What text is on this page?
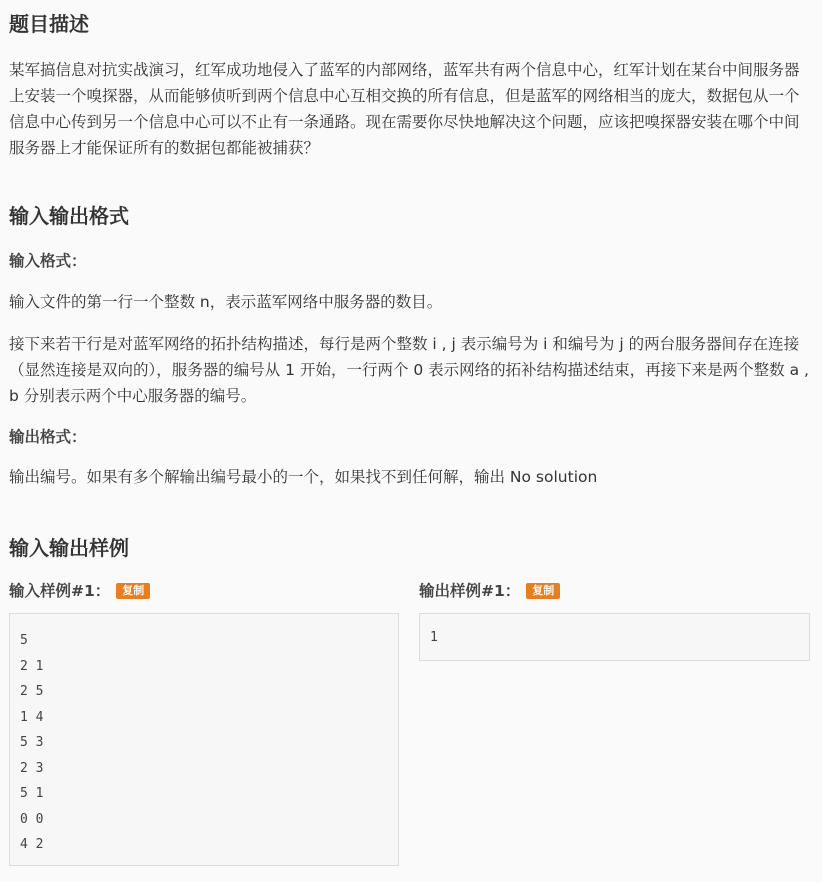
题目描述

某军搞信息对抗实战演习，红军成功地侵入了蓝军的内部网络，蓝军共有两个信息中心，红军计划在某台中间服务器上安装一个嗅探器，从而能够侦听到两个信息中心互相交换的所有信息，但是蓝军的网络相当的庞大，数据包从一个信息中心传到另一个信息中心可以不止有一条通路。现在需要你尽快地解决这个问题，应该把嗅探器安装在哪个中间服务器上才能保证所有的数据包都能被捕获？

输入输出格式
输入格式：

输入文件的第一行一个整数 n，表示蓝军网络中服务器的数目。

接下来若干行是对蓝军网络的拓扑结构描述，每行是两个整数 i , j 表示编号为 i 和编号为 j 的两台服务器间存在连接（显然连接是双向的），服务器的编号从 1 开始，一行两个 0 表示网络的拓补结构描述结束，再接下来是两个整数 a , b 分别表示两个中心服务器的编号。

输出格式：

输出编号。如果有多个解输出编号最小的一个，如果找不到任何解，输出 No solution

输入输出样例
输入样例#1：	复制	输出样例#1：	复制
5
2 1
2 5
1 4
5 3
2 3
5 1
0 0
4 2
1
